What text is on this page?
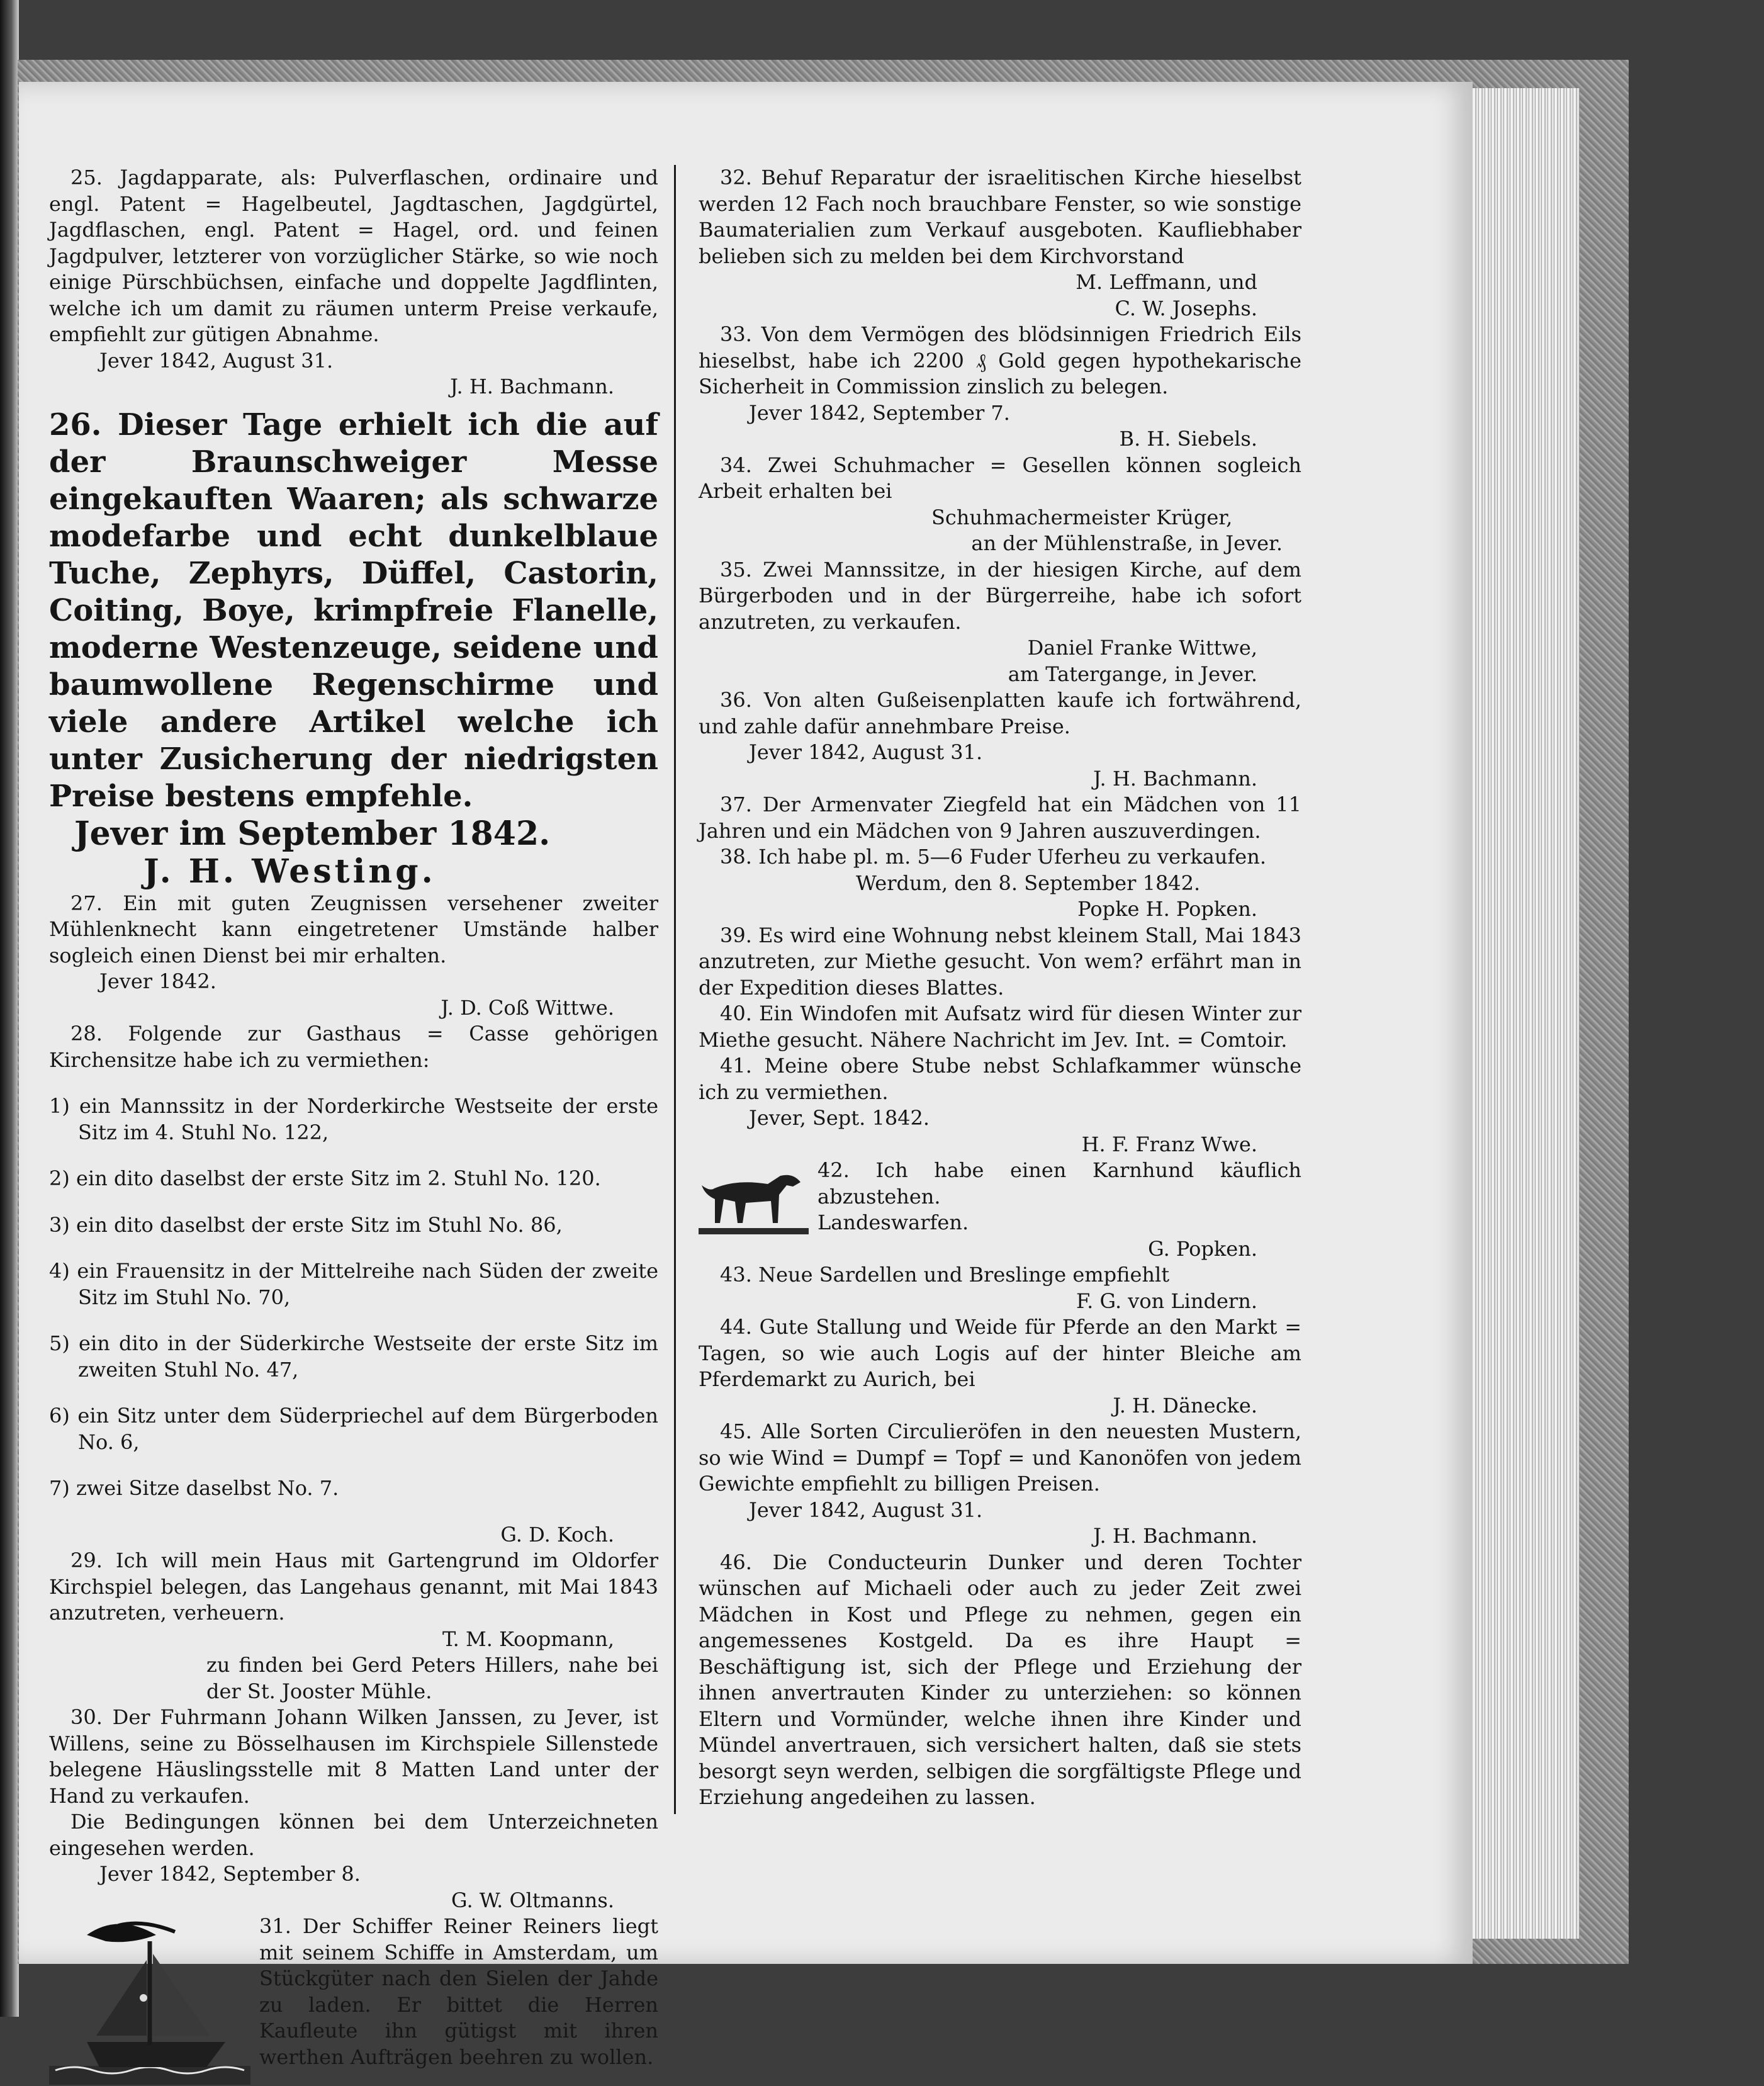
25. Jagdapparate, als: Pulverflaschen, ordinaire und engl. Patent = Hagelbeutel, Jagdtaschen, Jagdgürtel, Jagdflaschen, engl. Patent = Hagel, ord. und feinen Jagdpulver, letzterer von vorzüglicher Stärke, so wie noch einige Pürschbüchsen, einfache und doppelte Jagdflinten, welche ich um damit zu räumen unterm Preise verkaufe, empfiehlt zur gütigen Abnahme.

Jever 1842, August 31.

J. H. Bachmann.

26. Dieser Tage erhielt ich die auf der Braunschweiger Messe eingekauften Waaren; als schwarze modefarbe und echt dunkelblaue Tuche, Zephyrs, Düffel, Castorin, Coiting, Boye, krimpfreie Flanelle, moderne Westenzeuge, seidene und baumwollene Regenschirme und viele andere Artikel welche ich unter Zusicherung der niedrigsten Preise bestens empfehle.

Jever im September 1842.

J. H. Westing.

27. Ein mit guten Zeugnissen versehener zweiter Mühlenknecht kann eingetretener Umstände halber sogleich einen Dienst bei mir erhalten.

Jever 1842.

J. D. Coß Wittwe.

28. Folgende zur Gasthaus = Casse gehörigen Kirchensitze habe ich zu vermiethen:

1) ein Mannssitz in der Norderkirche Westseite der erste Sitz im 4. Stuhl No. 122,

2) ein dito daselbst der erste Sitz im 2. Stuhl No. 120.

3) ein dito daselbst der erste Sitz im Stuhl No. 86,

4) ein Frauensitz in der Mittelreihe nach Süden der zweite Sitz im Stuhl No. 70,

5) ein dito in der Süderkirche Westseite der erste Sitz im zweiten Stuhl No. 47,

6) ein Sitz unter dem Süderpriechel auf dem Bürgerboden No. 6,

7) zwei Sitze daselbst No. 7.

G. D. Koch.

29. Ich will mein Haus mit Gartengrund im Oldorfer Kirchspiel belegen, das Langehaus genannt, mit Mai 1843 anzutreten, verheuern.

T. M. Koopmann,

zu finden bei Gerd Peters Hillers, nahe bei der St. Jooster Mühle.

30. Der Fuhrmann Johann Wilken Janssen, zu Jever, ist Willens, seine zu Bösselhausen im Kirchspiele Sillenstede belegene Häuslingsstelle mit 8 Matten Land unter der Hand zu verkaufen.

Die Bedingungen können bei dem Unterzeichneten eingesehen werden.

Jever 1842, September 8.

G. W. Oltmanns.

31. Der Schiffer Reiner Reiners liegt mit seinem Schiffe in Amsterdam, um Stückgüter nach den Sielen der Jahde zu laden. Er bittet die Herren Kaufleute ihn gütigst mit ihren werthen Aufträgen beehren zu wollen.

32. Behuf Reparatur der israelitischen Kirche hieselbst werden 12 Fach noch brauchbare Fenster, so wie sonstige Baumaterialien zum Verkauf ausgeboten. Kaufliebhaber belieben sich zu melden bei dem Kirchvorstand

M. Leffmann, und

C. W. Josephs.

33. Von dem Vermögen des blödsinnigen Friedrich Eils hieselbst, habe ich 2200 ₰ Gold gegen hypothekarische Sicherheit in Commission zinslich zu belegen.

Jever 1842, September 7.

B. H. Siebels.

34. Zwei Schuhmacher = Gesellen können sogleich Arbeit erhalten bei

Schuhmachermeister Krüger,

an der Mühlenstraße, in Jever.

35. Zwei Mannssitze, in der hiesigen Kirche, auf dem Bürgerboden und in der Bürgerreihe, habe ich sofort anzutreten, zu verkaufen.

Daniel Franke Wittwe,

am Tatergange, in Jever.

36. Von alten Gußeisenplatten kaufe ich fortwährend, und zahle dafür annehmbare Preise.

Jever 1842, August 31.

J. H. Bachmann.

37. Der Armenvater Ziegfeld hat ein Mädchen von 11 Jahren und ein Mädchen von 9 Jahren auszuverdingen.

38. Ich habe pl. m. 5—6 Fuder Uferheu zu verkaufen.

Werdum, den 8. September 1842.

Popke H. Popken.

39. Es wird eine Wohnung nebst kleinem Stall, Mai 1843 anzutreten, zur Miethe gesucht. Von wem? erfährt man in der Expedition dieses Blattes.

40. Ein Windofen mit Aufsatz wird für diesen Winter zur Miethe gesucht. Nähere Nachricht im Jev. Int. = Comtoir.

41. Meine obere Stube nebst Schlafkammer wünsche ich zu vermiethen.

Jever, Sept. 1842.

H. F. Franz Wwe.

42. Ich habe einen Karnhund käuflich abzustehen.

Landeswarfen.

G. Popken.

43. Neue Sardellen und Breslinge empfiehlt

F. G. von Lindern.

44. Gute Stallung und Weide für Pferde an den Markt = Tagen, so wie auch Logis auf der hinter Bleiche am Pferdemarkt zu Aurich, bei

J. H. Dänecke.

45. Alle Sorten Circulieröfen in den neuesten Mustern, so wie Wind = Dumpf = Topf = und Kanonöfen von jedem Gewichte empfiehlt zu billigen Preisen.

Jever 1842, August 31.

J. H. Bachmann.

46. Die Conducteurin Dunker und deren Tochter wünschen auf Michaeli oder auch zu jeder Zeit zwei Mädchen in Kost und Pflege zu nehmen, gegen ein angemessenes Kostgeld. Da es ihre Haupt = Beschäftigung ist, sich der Pflege und Erziehung der ihnen anvertrauten Kinder zu unterziehen: so können Eltern und Vormünder, welche ihnen ihre Kinder und Mündel anvertrauen, sich versichert halten, daß sie stets besorgt seyn werden, selbigen die sorgfältigste Pflege und Erziehung angedeihen zu lassen.
